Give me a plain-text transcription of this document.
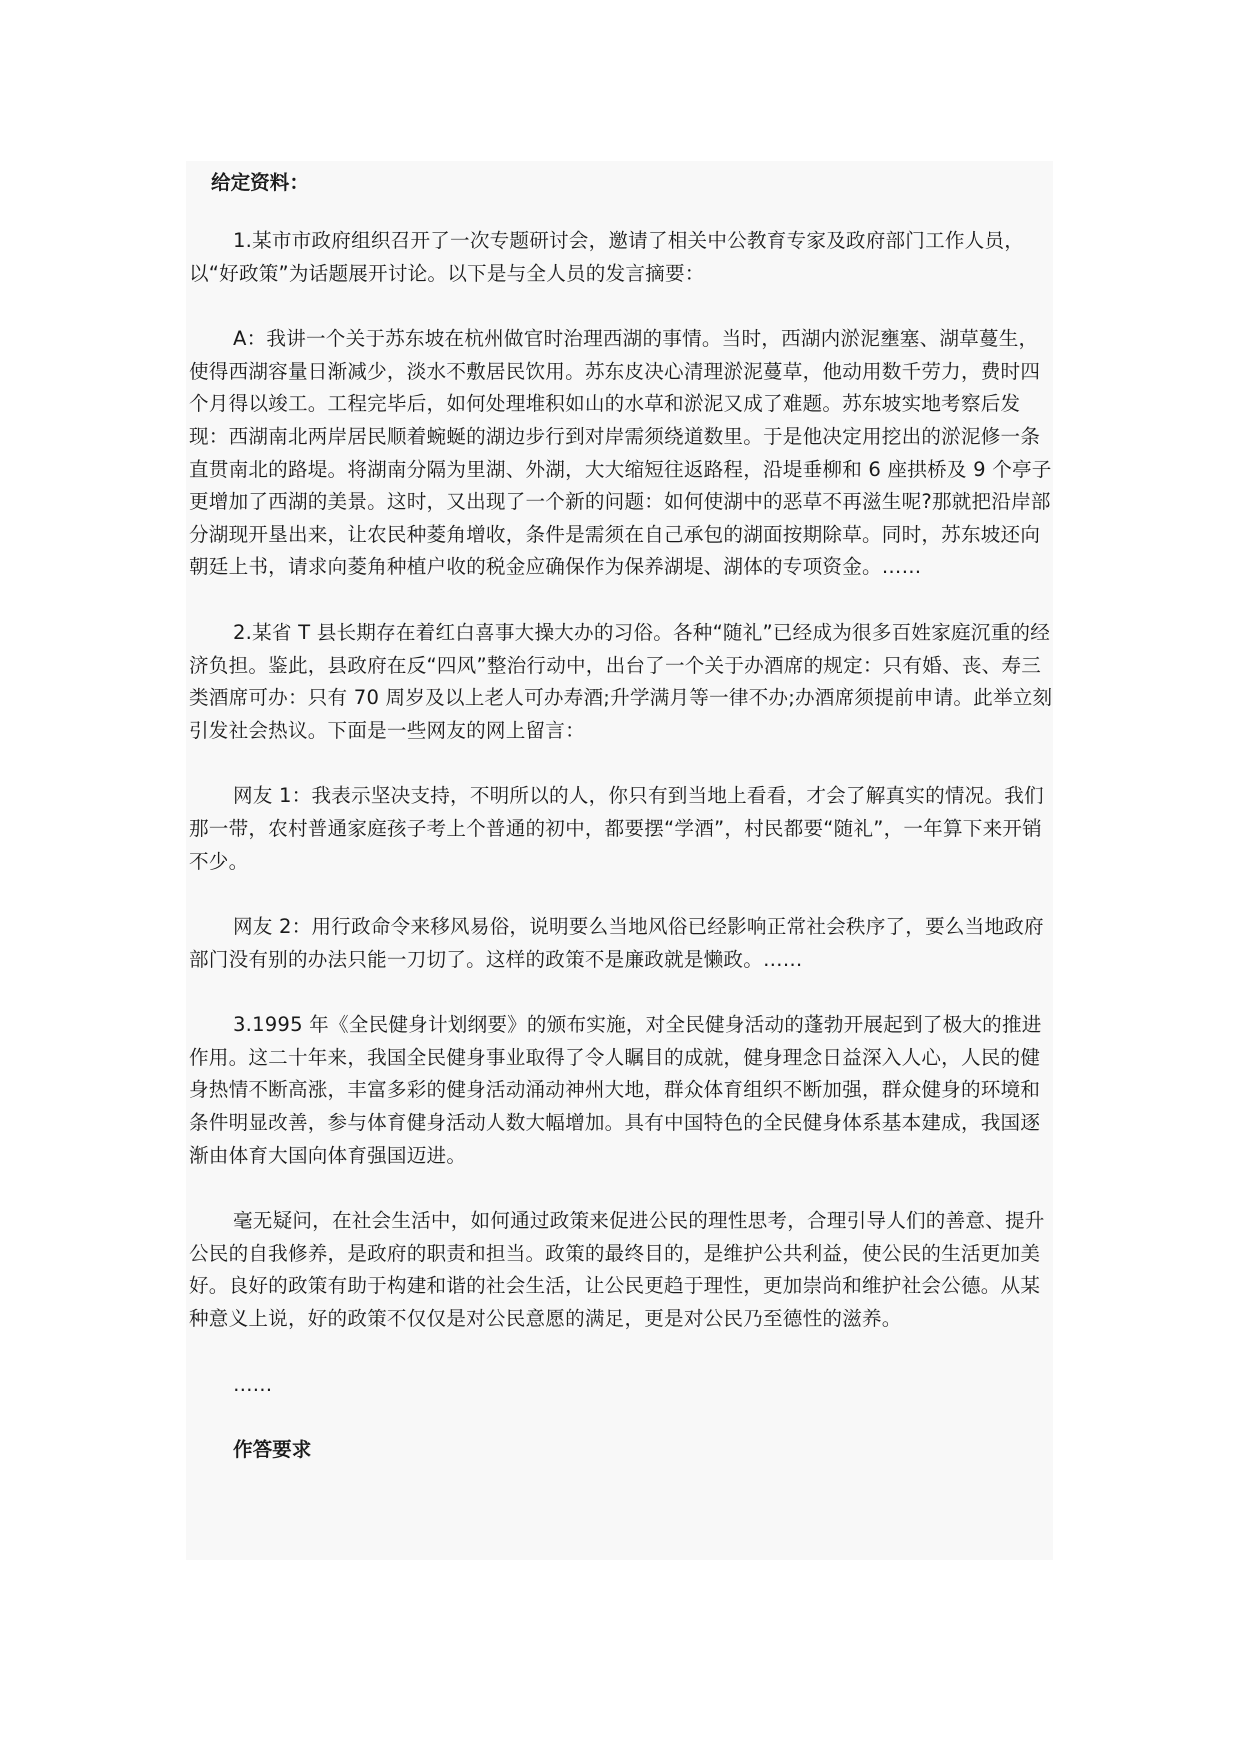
给定资料：

1.某市市政府组织召开了一次专题研讨会，邀请了相关中公教育专家及政府部门工作人员，以“好政策”为话题展开讨论。以下是与全人员的发言摘要：

A：我讲一个关于苏东坡在杭州做官时治理西湖的事情。当时，西湖内淤泥壅塞、湖草蔓生，使得西湖容量日渐减少，淡水不敷居民饮用。苏东皮决心清理淤泥蔓草，他动用数千劳力，费时四个月得以竣工。工程完毕后，如何处理堆积如山的水草和淤泥又成了难题。苏东坡实地考察后发现：西湖南北两岸居民顺着蜿蜒的湖边步行到对岸需须绕道数里。于是他决定用挖出的淤泥修一条直贯南北的路堤。将湖南分隔为里湖、外湖，大大缩短往返路程，沿堤垂柳和 6 座拱桥及 9 个亭子更增加了西湖的美景。这时，又出现了一个新的问题：如何使湖中的恶草不再滋生呢?那就把沿岸部分湖现开垦出来，让农民种菱角增收，条件是需须在自己承包的湖面按期除草。同时，苏东坡还向朝廷上书，请求向菱角种植户收的税金应确保作为保养湖堤、湖体的专项资金。……

2.某省 T 县长期存在着红白喜事大操大办的习俗。各种“随礼”已经成为很多百姓家庭沉重的经济负担。鉴此，县政府在反“四风”整治行动中，出台了一个关于办酒席的规定：只有婚、丧、寿三类酒席可办：只有 70 周岁及以上老人可办寿酒;升学满月等一律不办;办酒席须提前申请。此举立刻引发社会热议。下面是一些网友的网上留言：

网友 1：我表示坚决支持，不明所以的人，你只有到当地上看看，才会了解真实的情况。我们那一带，农村普通家庭孩子考上个普通的初中，都要摆“学酒”，村民都要“随礼”，一年算下来开销不少。

网友 2：用行政命令来移风易俗，说明要么当地风俗已经影响正常社会秩序了，要么当地政府部门没有别的办法只能一刀切了。这样的政策不是廉政就是懒政。……

3.1995 年《全民健身计划纲要》的颁布实施，对全民健身活动的蓬勃开展起到了极大的推进作用。这二十年来，我国全民健身事业取得了令人瞩目的成就，健身理念日益深入人心，人民的健身热情不断高涨，丰富多彩的健身活动涌动神州大地，群众体育组织不断加强，群众健身的环境和条件明显改善，参与体育健身活动人数大幅增加。具有中国特色的全民健身体系基本建成，我国逐渐由体育大国向体育强国迈进。

毫无疑问，在社会生活中，如何通过政策来促进公民的理性思考，合理引导人们的善意、提升公民的自我修养，是政府的职责和担当。政策的最终目的，是维护公共利益，使公民的生活更加美好。良好的政策有助于构建和谐的社会生活，让公民更趋于理性，更加崇尚和维护社会公德。从某种意义上说，好的政策不仅仅是对公民意愿的满足，更是对公民乃至德性的滋养。

……

作答要求
